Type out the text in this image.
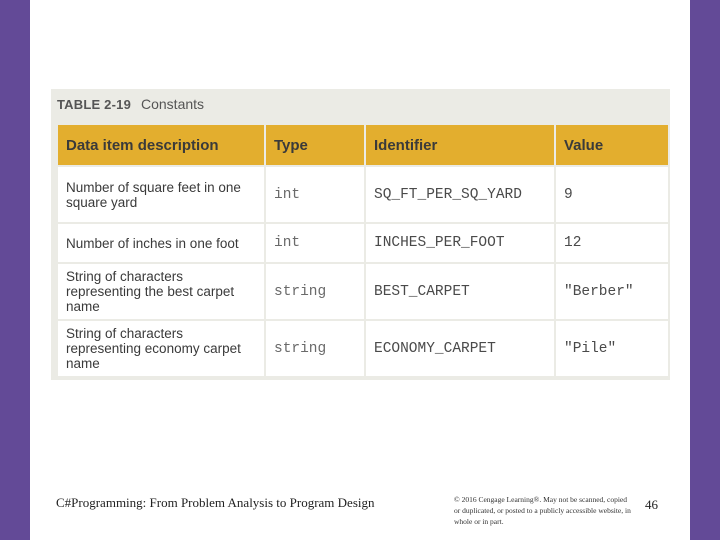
TABLE 2-19 Constants
Data item description	Type	Identifier	Value
Number of square feet in one square yard	int	SQ_FT_PER_SQ_YARD	9
Number of inches in one foot	int	INCHES_PER_FOOT	12
String of characters representing the best carpet name	string	BEST_CARPET	"Berber"
String of characters representing economy carpet name	string	ECONOMY_CARPET	"Pile"
C#Programming: From Problem Analysis to Program Design	© 2016 Cengage Learning®. May not be scanned, copied or duplicated, or posted to a publicly accessible website, in whole or in part.
46
